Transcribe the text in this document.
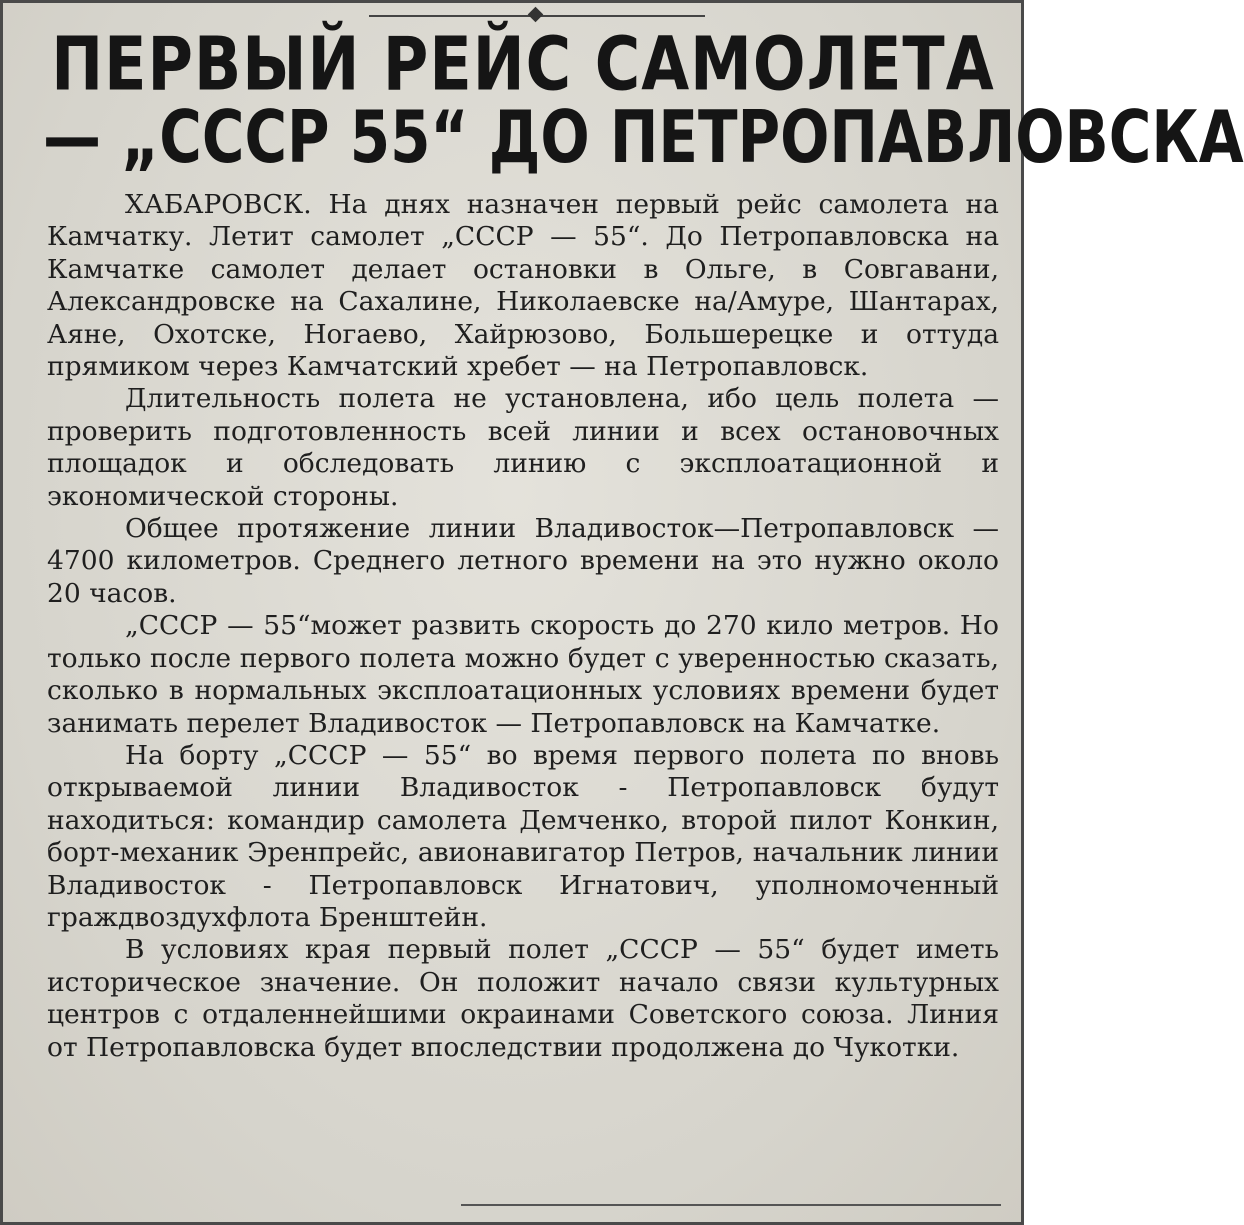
ПЕРВЫЙ РЕЙС САМОЛЕТА
— „СССР 55“ ДО ПЕТРОПАВЛОВСКА

ХАБАРОВСК. На днях назначен первый рейс самолета на Камчатку. Летит самолет „СССР — 55“. До Петропавловска на Камчатке самолет делает остановки в Ольге, в Совгавани, Александровске на Сахалине, Николаевске на/Амуре, Шантарах, Аяне, Охотске, Ногаево, Хайрюзово, Большерецке и оттуда прямиком через Камчатский хребет — на Петропавловск.

Длительность полета не установлена, ибо цель полета — проверить подготовленность всей линии и всех остановочных площадок и обследовать линию с эксплоатационной и экономической стороны.

Общее протяжение линии Владивосток—Петропавловск — 4700 километров. Среднего летного времени на это нужно около 20 часов.

„СССР — 55“может развить скорость до 270 кило метров. Но только после первого полета можно будет с уверенностью сказать, сколько в нормальных эксплоатационных условиях времени будет занимать перелет Владивосток — Петропавловск на Камчатке.

На борту „СССР — 55“ во время первого полета по вновь открываемой линии Владивосток - Петропавловск будут находиться: командир самолета Демченко, второй пилот Конкин, борт-механик Эренпрейс, авионавигатор Петров, начальник линии Владивосток - Петропавловск Игнатович, уполномоченный граждвоздухфлота Бренштейн.

В условиях края первый полет „СССР — 55“ будет иметь историческое значение. Он положит начало связи культурных центров с отдаленнейшими окраинами Советского союза. Линия от Петропавловска будет впоследствии продолжена до Чукотки.
